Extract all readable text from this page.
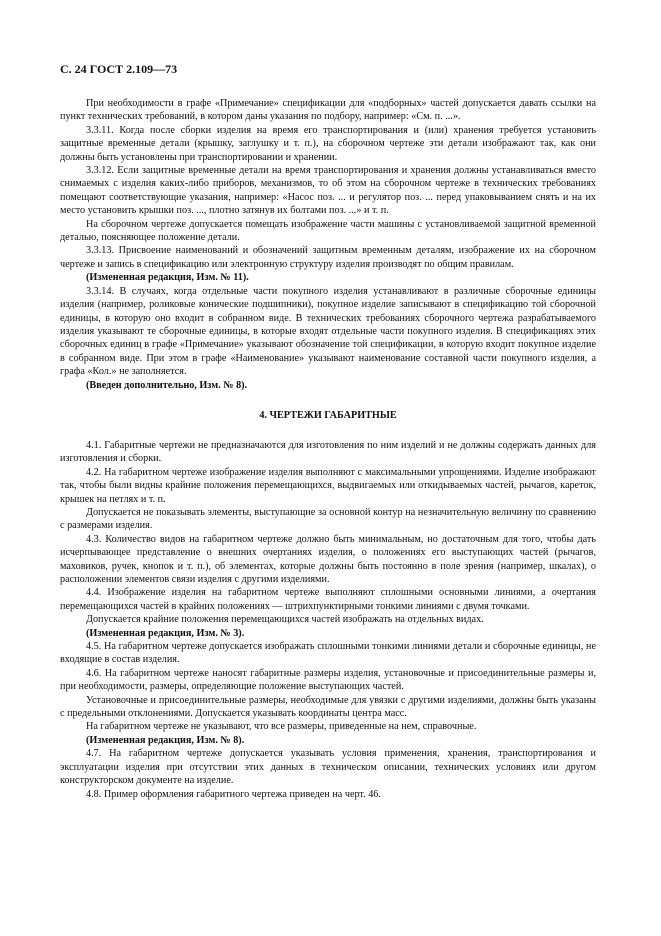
С. 24 ГОСТ 2.109—73

При необходимости в графе «Примечание» спецификации для «подборных» частей допускается давать ссылки на пункт технических требований, в котором даны указания по подбору, например: «См. п. ...».

3.3.11. Когда после сборки изделия на время его транспортирования и (или) хранения требуется установить защитные временные детали (крышку, заглушку и т. п.), на сборочном чертеже эти детали изображают так, как они должны быть установлены при транспортировании и хранении.

3.3.12. Если защитные временные детали на время транспортирования и хранения должны устанавливаться вместо снимаемых с изделия каких-либо приборов, механизмов, то об этом на сборочном чертеже в технических требованиях помещают соответствующие указания, например: «Насос поз. ... и регулятор поз. ... перед упаковыванием снять и на их место установить крышки поз. ..., плотно затянув их болтами поз. ...» и т. п.

На сборочном чертеже допускается помещать изображение части машины с установливаемой защитной временной деталью, поясняющее положение детали.

3.3.13. Присвоение наименований и обозначений защитным временным деталям, изображение их на сборочном чертеже и запись в спецификацию или электронную структуру изделия производят по общим правилам.

(Измененная редакция, Изм. № 11).

3.3.14. В случаях, когда отдельные части покупного изделия устанавливают в различные сборочные единицы изделия (например, роликовые конические подшипники), покупное изделие записывают в спецификацию той сборочной единицы, в которую оно входит в собранном виде. В технических требованиях сборочного чертежа разрабатываемого изделия указывают те сборочные единицы, в которые входят отдельные части покупного изделия. В спецификациях этих сборочных единиц в графе «Примечание» указывают обозначение той спецификации, в которую входит покупное изделие в собранном виде. При этом в графе «Наименование» указывают наименование составной части покупного изделия, а графа «Кол.» не заполняется.

(Введен дополнительно, Изм. № 8).

4. ЧЕРТЕЖИ ГАБАРИТНЫЕ

4.1. Габаритные чертежи не предназначаются для изготовления по ним изделий и не должны содержать данных для изготовления и сборки.

4.2. На габаритном чертеже изображение изделия выполняют с максимальными упрощениями. Изделие изображают так, чтобы были видны крайние положения перемещающихся, выдвигаемых или откидываемых частей, рычагов, кареток, крышек на петлях и т. п.

Допускается не показывать элементы, выступающие за основной контур на незначительную величину по сравнению с размерами изделия.

4.3. Количество видов на габаритном чертеже должно быть минимальным, но достаточным для того, чтобы дать исчерпывающее представление о внешних очертаниях изделия, о положениях его выступающих частей (рычагов, маховиков, ручек, кнопок и т. п.), об элементах, которые должны быть постоянно в поле зрения (например, шкалах), о расположении элементов связи изделия с другими изделиями.

4.4. Изображение изделия на габаритном чертеже выполняют сплошными основными линиями, а очертания перемещающихся частей в крайних положениях — штрихпунктирными тонкими линиями с двумя точками.

Допускается крайние положения перемещающихся частей изображать на отдельных видах.

(Измененная редакция, Изм. № 3).

4.5. На габаритном чертеже допускается изображать сплошными тонкими линиями детали и сборочные единицы, не входящие в состав изделия.

4.6. На габаритном чертеже наносят габаритные размеры изделия, установочные и присоединительные размеры и, при необходимости, размеры, определяющие положение выступающих частей.

Установочные и присоединительные размеры, необходимые для увязки с другими изделиями, должны быть указаны с предельными отклонениями. Допускается указывать координаты центра масс.

На габаритном чертеже не указывают, что все размеры, приведенные на нем, справочные.

(Измененная редакция, Изм. № 8).

4.7. На габаритном чертеже допускается указывать условия применения, хранения, транспортирования и эксплуатации изделия при отсутствии этих данных в техническом описании, технических условиях или другом конструкторском документе на изделие.

4.8. Пример оформления габаритного чертежа приведен на черт. 46.
